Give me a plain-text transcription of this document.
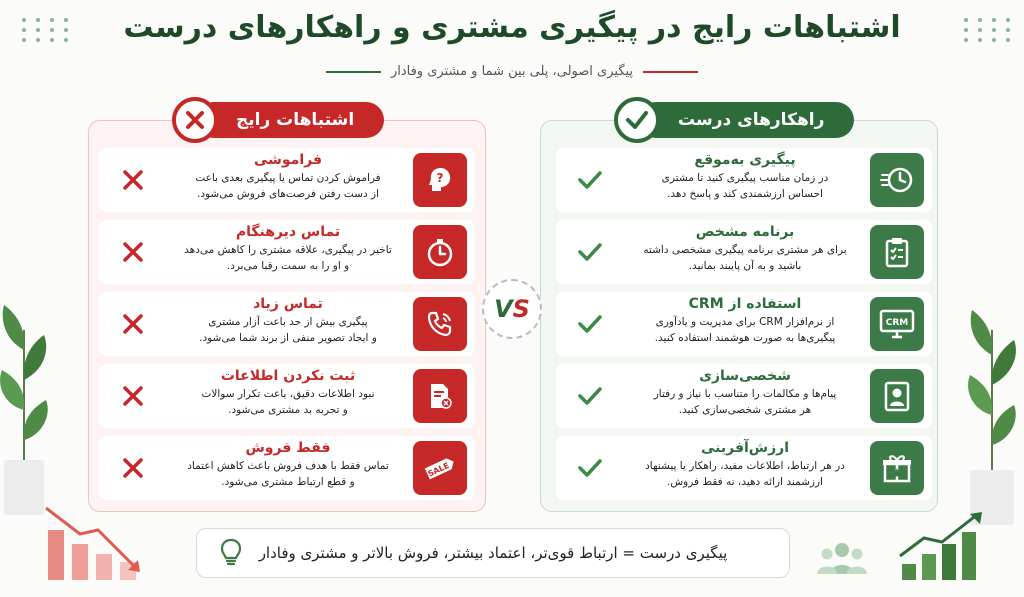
اشتباهات رایج در پیگیری مشتری و راهکارهای درست
پیگیری اصولی، پلی بین شما و مشتری وفادار
اشتباهات رایج	راهکارهای درست
?
فراموشی
فراموش کردن تماس یا پیگیری بعدی باعت
از دست رفتن فرصت‌های فروش می‌شود.
تماس دیرهنگام
تاخیر در پیگیری، علاقه مشتری را کاهش می‌دهد
و او را به سمت رقبا می‌برد.
تماس زیاد
پیگیری بیش از حد باعت آزار مشتری
و ایجاد تصویر منفی از برند شما می‌شود.
ثبت نکردن اطلاعات
نبود اطلاعات دقیق، باعت تکرار سوالات
و تجربه بد مشتری می‌شود.
SALE
فقط فروش
تماس فقط با هدف فروش باعث کاهش اعتماد
و قطع ارتباط مشتری می‌شود.
پیگیری به‌موقع
در زمان مناسب پیگیری کنید تا مشتری
احساس ارزشمندی کند و پاسخ دهد.
برنامه مشخص
برای هر مشتری برنامه پیگیری مشخصی داشته
باشید و به آن پایبند بمانید.
CRM
استفاده از CRM
از نرم‌افزار CRM برای مدیریت و یادآوری
پیگیری‌ها به صورت هوشمند استفاده کنید.
شخصی‌سازی
پیام‌ها و مکالمات را متناسب با نیاز و رفتار
هر مشتری شخصی‌سازی کنید.
ارزش‌آفرینی
در هر ارتباط، اطلاعات مفید، راهکار یا پیشنهاد
ارزشمند ارائه دهید، نه فقط فروش.
V S
پیگیری درست = ارتباط قوی‌تر، اعتماد بیشتر، فروش بالاتر و مشتری وفادار
